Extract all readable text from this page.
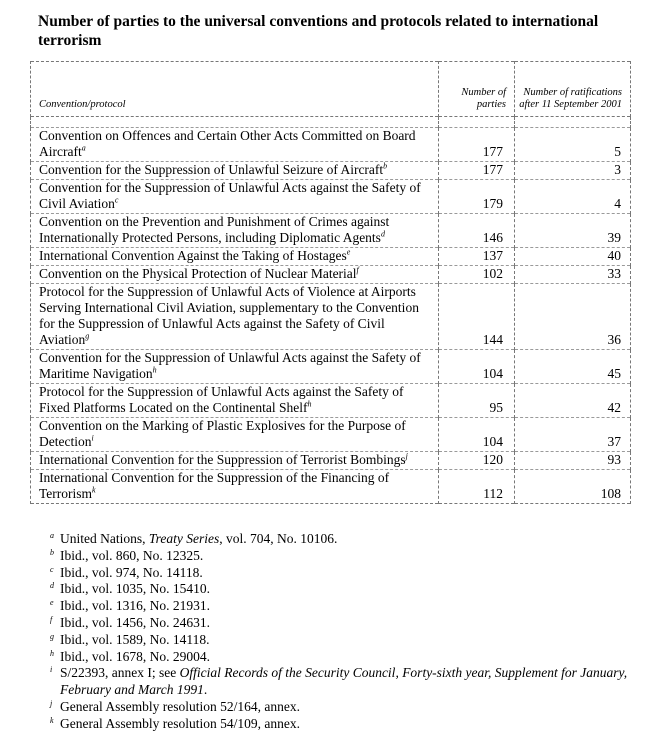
Number of parties to the universal conventions and protocols related to international terrorism
Convention/protocol	Number of parties	Number of ratifications after 11 September 2001

Convention on Offences and Certain Other Acts Committed on Board Aircraft$^a$	177	5
Convention for the Suppression of Unlawful Seizure of Aircraft$^b$	177	3
Convention for the Suppression of Unlawful Acts against the Safety of Civil Aviation$^c$	179	4
Convention on the Prevention and Punishment of Crimes against Internationally Protected Persons, including Diplomatic Agents$^d$	146	39
International Convention Against the Taking of Hostages$^e$	137	40
Convention on the Physical Protection of Nuclear Material$^f$	102	33
Protocol for the Suppression of Unlawful Acts of Violence at Airports Serving International Civil Aviation, supplementary to the Convention for the Suppression of Unlawful Acts against the Safety of Civil Aviation$^g$	144	36
Convention for the Suppression of Unlawful Acts against the Safety of Maritime Navigation$^h$	104	45
Protocol for the Suppression of Unlawful Acts against the Safety of Fixed Platforms Located on the Continental Shelf$^h$	95	42
Convention on the Marking of Plastic Explosives for the Purpose of Detection$^i$	104	37
International Convention for the Suppression of Terrorist Bombings$^j$	120	93
International Convention for the Suppression of the Financing of Terrorism$^k$	112	108
a United Nations, Treaty Series, vol. 704, No. 10106.
b Ibid., vol. 860, No. 12325.
c Ibid., vol. 974, No. 14118.
d Ibid., vol. 1035, No. 15410.
e Ibid., vol. 1316, No. 21931.
f Ibid., vol. 1456, No. 24631.
g Ibid., vol. 1589, No. 14118.
h Ibid., vol. 1678, No. 29004.
i S/22393, annex I; see Official Records of the Security Council, Forty-sixth year, Supplement for January, February and March 1991.
j General Assembly resolution 52/164, annex.
k General Assembly resolution 54/109, annex.
